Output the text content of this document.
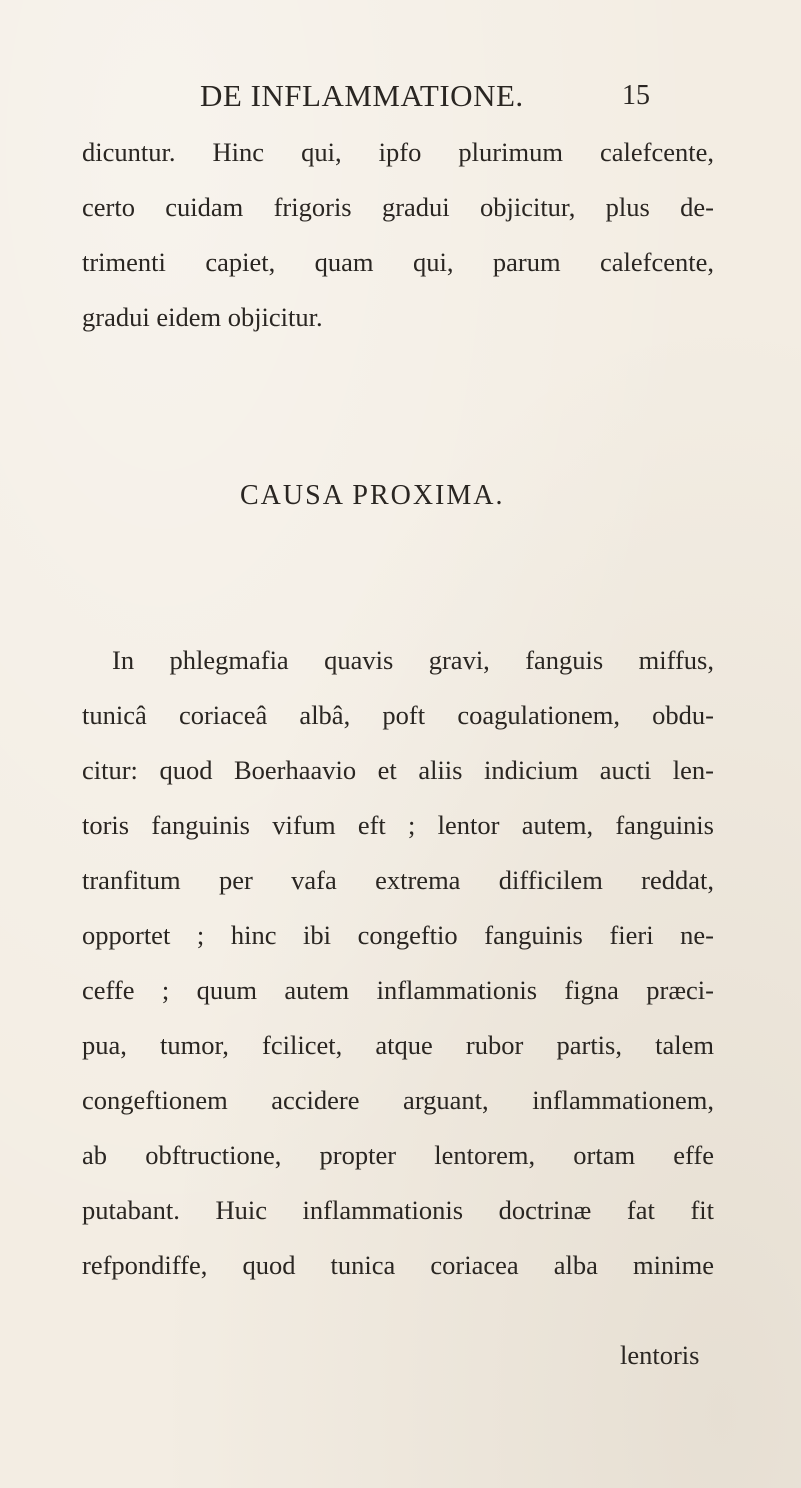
DE INFLAMMATIONE.	15
dicuntur. Hinc qui, ipfo plurimum calefcente,
certo cuidam frigoris gradui objicitur, plus de-
trimenti capiet, quam qui, parum calefcente,
gradui eidem objicitur.
CAUSA PROXIMA.
In phlegmafia quavis gravi, fanguis miffus,
tunicâ coriaceâ albâ, poft coagulationem, obdu-
citur: quod Boerhaavio et aliis indicium aucti len-
toris fanguinis vifum eft ; lentor autem, fanguinis
tranfitum per vafa extrema difficilem reddat,
opportet ; hinc ibi congeftio fanguinis fieri ne-
ceffe ; quum autem inflammationis figna præci-
pua, tumor, fcilicet, atque rubor partis, talem
congeftionem accidere arguant, inflammationem,
ab obftructione, propter lentorem, ortam effe
putabant. Huic inflammationis doctrinæ fat fit
refpondiffe, quod tunica coriacea alba minime
lentoris
